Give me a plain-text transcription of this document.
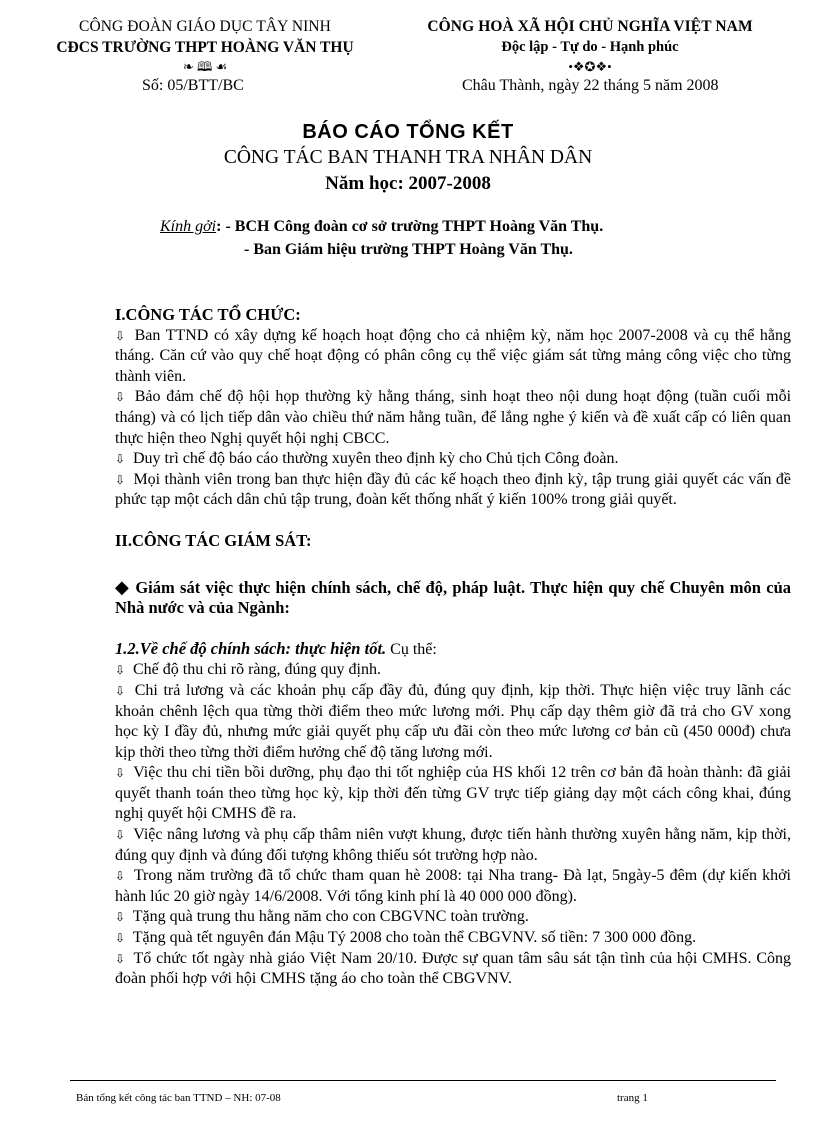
CÔNG ĐOÀN GIÁO DỤC TÂY NINH
CĐCS TRƯỜNG THPT HOÀNG VĂN THỤ
❧ 🕮 ☙
CÔNG HOÀ XÃ HỘI CHỦ NGHĨA VIỆT NAM
Độc lập - Tự do - Hạnh phúc
•❖✪❖•
Số: 05/BTT/BC	Châu Thành, ngày 22 tháng 5 năm 2008
BÁO CÁO TỔNG KẾT
CÔNG TÁC BAN THANH TRA NHÂN DÂN
Năm học: 2007-2008
Kính gởi: - BCH Công đoàn cơ sở trường THPT Hoàng Văn Thụ.
- Ban Giám hiệu trường THPT Hoàng Văn Thụ.
I.CÔNG TÁC TỔ CHỨC:

⇩ Ban TTND có xây dựng kế hoạch hoạt động cho cả nhiệm kỳ, năm học 2007-2008 và cụ thể hằng tháng. Căn cứ vào quy chế hoạt động có phân công cụ thể việc giám sát từng mảng công việc cho từng thành viên.

⇩ Bảo đảm chế độ hội họp thường kỳ hằng tháng, sinh hoạt theo nội dung hoạt động (tuần cuối mỗi tháng) và có lịch tiếp dân vào chiều thứ năm hằng tuần, để lắng nghe ý kiến và đề xuất cấp có liên quan thực hiện theo Nghị quyết hội nghị CBCC.

⇩ Duy trì chế độ báo cáo thường xuyên theo định kỳ cho Chủ tịch Công đoàn.

⇩ Mọi thành viên trong ban thực hiện đầy đủ các kế hoạch theo định kỳ, tập trung giải quyết các vấn đề phức tạp một cách dân chủ tập trung, đoàn kết thống nhất ý kiến 100% trong giải quyết.

II.CÔNG TÁC GIÁM SÁT:
◆ Giám sát việc thực hiện chính sách, chế độ, pháp luật. Thực hiện quy chế Chuyên môn của Nhà nước và của Ngành:
1.2.Về chế độ chính sách: thực hiện tốt. Cụ thể:

⇩ Chế độ thu chi rõ ràng, đúng quy định.

⇩ Chi trả lương và các khoản phụ cấp đầy đủ, đúng quy định, kịp thời. Thực hiện việc truy lãnh các khoản chênh lệch qua từng thời điểm theo mức lương mới. Phụ cấp dạy thêm giờ đã trả cho GV xong học kỳ I đầy đủ, nhưng mức giải quyết phụ cấp ưu đãi còn theo mức lương cơ bản cũ (450 000đ) chưa kịp thời theo từng thời điểm hưởng chế độ tăng lương mới.

⇩ Việc thu chi tiền bồi dưỡng, phụ đạo thi tốt nghiệp của HS khối 12 trên cơ bản đã hoàn thành: đã giải quyết thanh toán theo từng học kỳ, kịp thời đến từng GV trực tiếp giảng dạy một cách công khai, đúng nghị quyết hội CMHS đề ra.

⇩ Việc nâng lương và phụ cấp thâm niên vượt khung, được tiến hành thường xuyên hằng năm, kịp thời, đúng quy định và đúng đối tượng không thiếu sót trường hợp nào.

⇩ Trong năm trường đã tổ chức tham quan hè 2008: tại Nha trang- Đà lạt, 5ngày-5 đêm (dự kiến khởi hành lúc 20 giờ ngày 14/6/2008. Với tổng kinh phí là 40 000 000 đồng).

⇩ Tặng quà trung thu hằng năm cho con CBGVNC toàn trường.

⇩ Tặng quà tết nguyên đán Mậu Tý 2008 cho toàn thể CBGVNV. số tiền: 7 300 000 đồng.

⇩ Tổ chức tốt ngày nhà giáo Việt Nam 20/10. Được sự quan tâm sâu sát tận tình của hội CMHS. Công đoàn phối hợp với hội CMHS tặng áo cho toàn thể CBGVNV.

Bản tổng kết công tác ban TTND – NH: 07-08	trang 1
